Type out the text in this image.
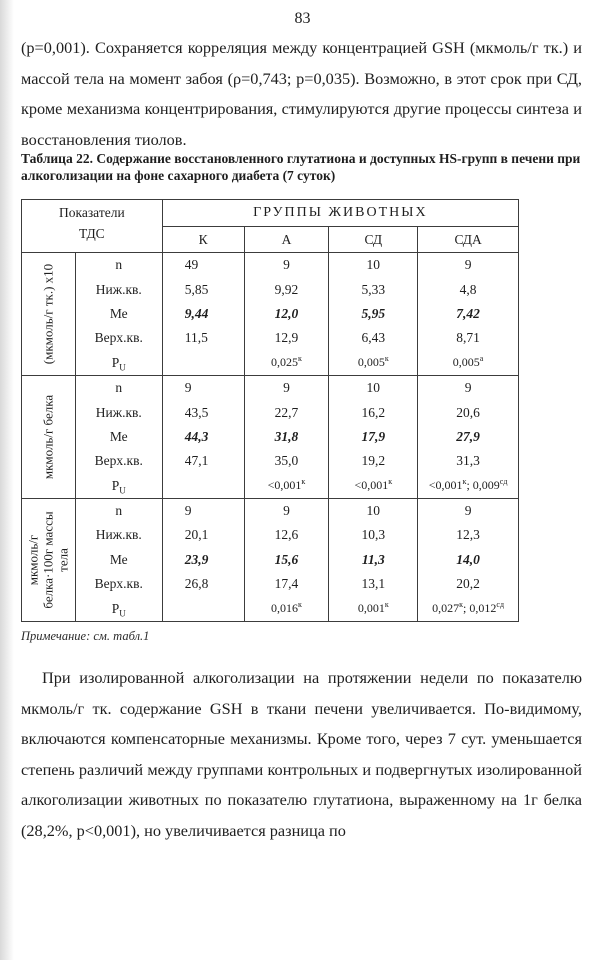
83

(p=0,001). Сохраняется корреляция между концентрацией GSH (мкмоль/г тк.) и массой тела на момент забоя (ρ=0,743; p=0,035). Возможно, в этот срок при СД, кроме механизма концентрирования, стимулируются другие процессы синтеза и восстановления тиолов.

Таблица 22. Содержание восстановленного глутатиона и доступных HS-групп в печени при алкоголизации на фоне сахарного диабета (7 суток)

Показатели
ТДС		ГРУППЫ ЖИВОТНЫХ			
		К	А	СД	СДА

(мкмоль/г тк.) х10	n	49	9	10	9
	Ниж.кв.	5,85	9,92	5,33	4,8
	Ме	9,44	12,0	5,95	7,42
	Верх.кв.	11,5	12,9	6,43	8,71
	$P_U$		$0,025^к$	$0,005^к$	$0,005^а$

мкмоль/г белка	n	9	9	10	9
	Ниж.кв.	43,5	22,7	16,2	20,6
	Ме	44,3	31,8	17,9	27,9
	Верх.кв.	47,1	35,0	19,2	31,3
	$P_U$		$<0,001^к$	$<0,001^к$	$<0,001^к$; $0,009^{сд}$

мкмоль/г белка·100г массы тела	n	9	9	10	9
	Ниж.кв.	20,1	12,6	10,3	12,3
	Ме	23,9	15,6	11,3	14,0
	Верх.кв.	26,8	17,4	13,1	20,2
	$P_U$		$0,016^к$	$0,001^к$	$0,027^к$; $0,012^{сд}$

Примечание: см. табл.1

При изолированной алкоголизации на протяжении недели по показателю мкмоль/г тк. содержание GSH в ткани печени увеличивается. По-видимому, включаются компенсаторные механизмы. Кроме того, через 7 сут. уменьшается степень различий между группами контрольных и подвергнутых изолированной алкоголизации животных по показателю глутатиона, выраженному на 1г белка (28,2%, p<0,001), но увеличивается разница по
